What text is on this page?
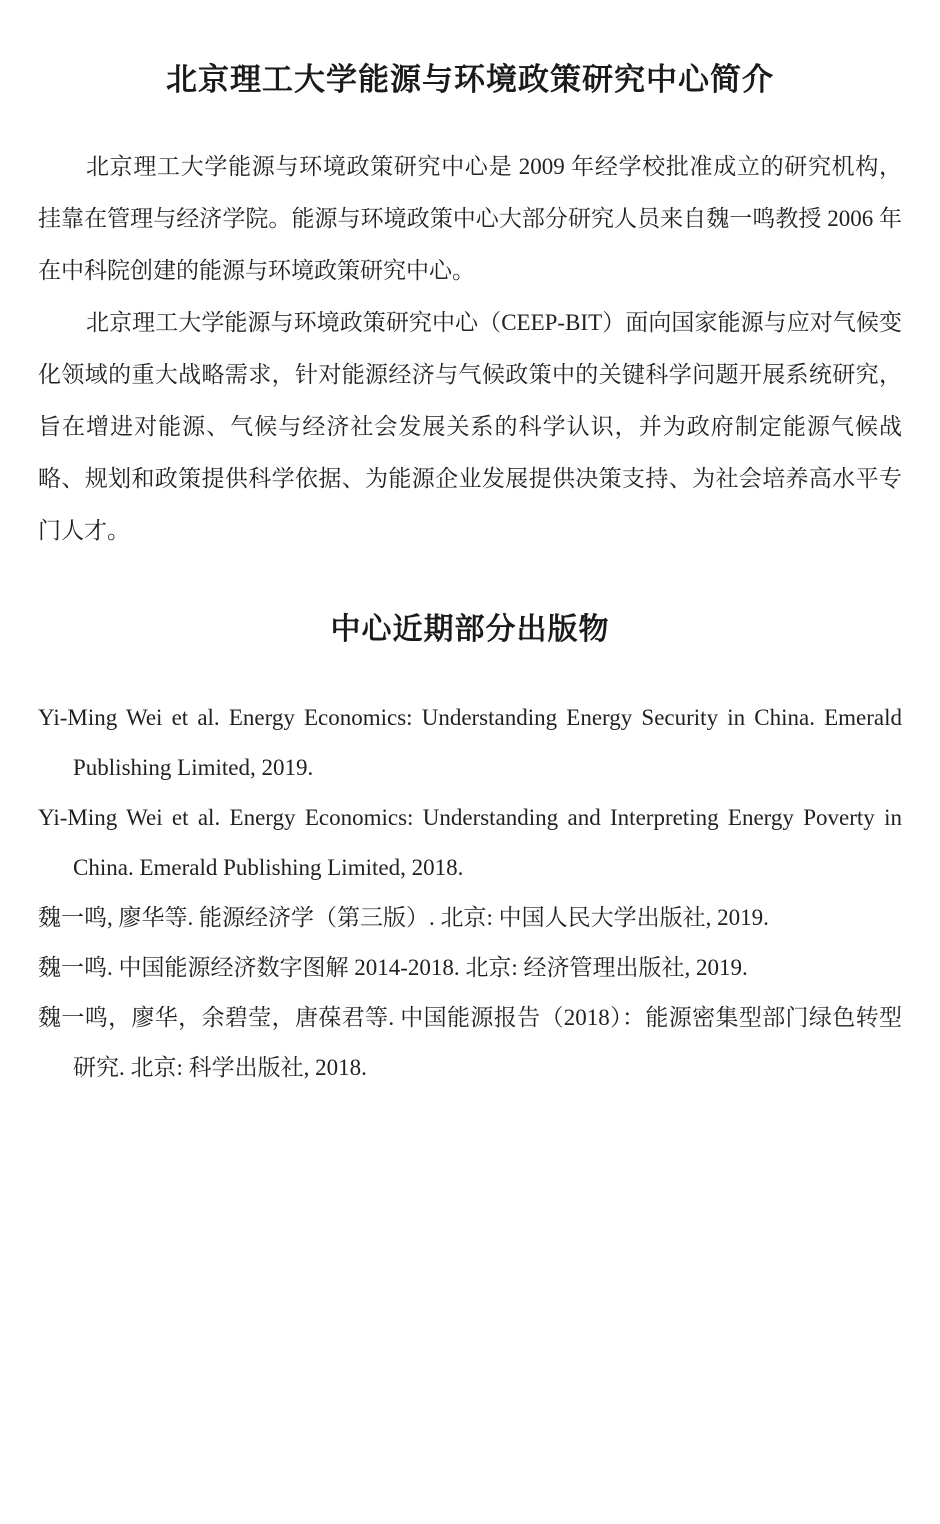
北京理工大学能源与环境政策研究中心简介

北京理工大学能源与环境政策研究中心是 2009 年经学校批准成立的研究机构，挂靠在管理与经济学院。能源与环境政策中心大部分研究人员来自魏一鸣教授 2006 年在中科院创建的能源与环境政策研究中心。

北京理工大学能源与环境政策研究中心（CEEP-BIT）面向国家能源与应对气候变化领域的重大战略需求，针对能源经济与气候政策中的关键科学问题开展系统研究，旨在增进对能源、气候与经济社会发展关系的科学认识，并为政府制定能源气候战略、规划和政策提供科学依据、为能源企业发展提供决策支持、为社会培养高水平专门人才。

中心近期部分出版物

Yi-Ming Wei et al. Energy Economics: Understanding Energy Security in China. Emerald Publishing Limited, 2019.

Yi-Ming Wei et al. Energy Economics: Understanding and Interpreting Energy Poverty in China. Emerald Publishing Limited, 2018.

魏一鸣, 廖华等. 能源经济学（第三版）. 北京: 中国人民大学出版社, 2019.

魏一鸣. 中国能源经济数字图解 2014-2018. 北京: 经济管理出版社, 2019.

魏一鸣，廖华，余碧莹，唐葆君等. 中国能源报告（2018）：能源密集型部门绿色转型研究. 北京: 科学出版社, 2018.
